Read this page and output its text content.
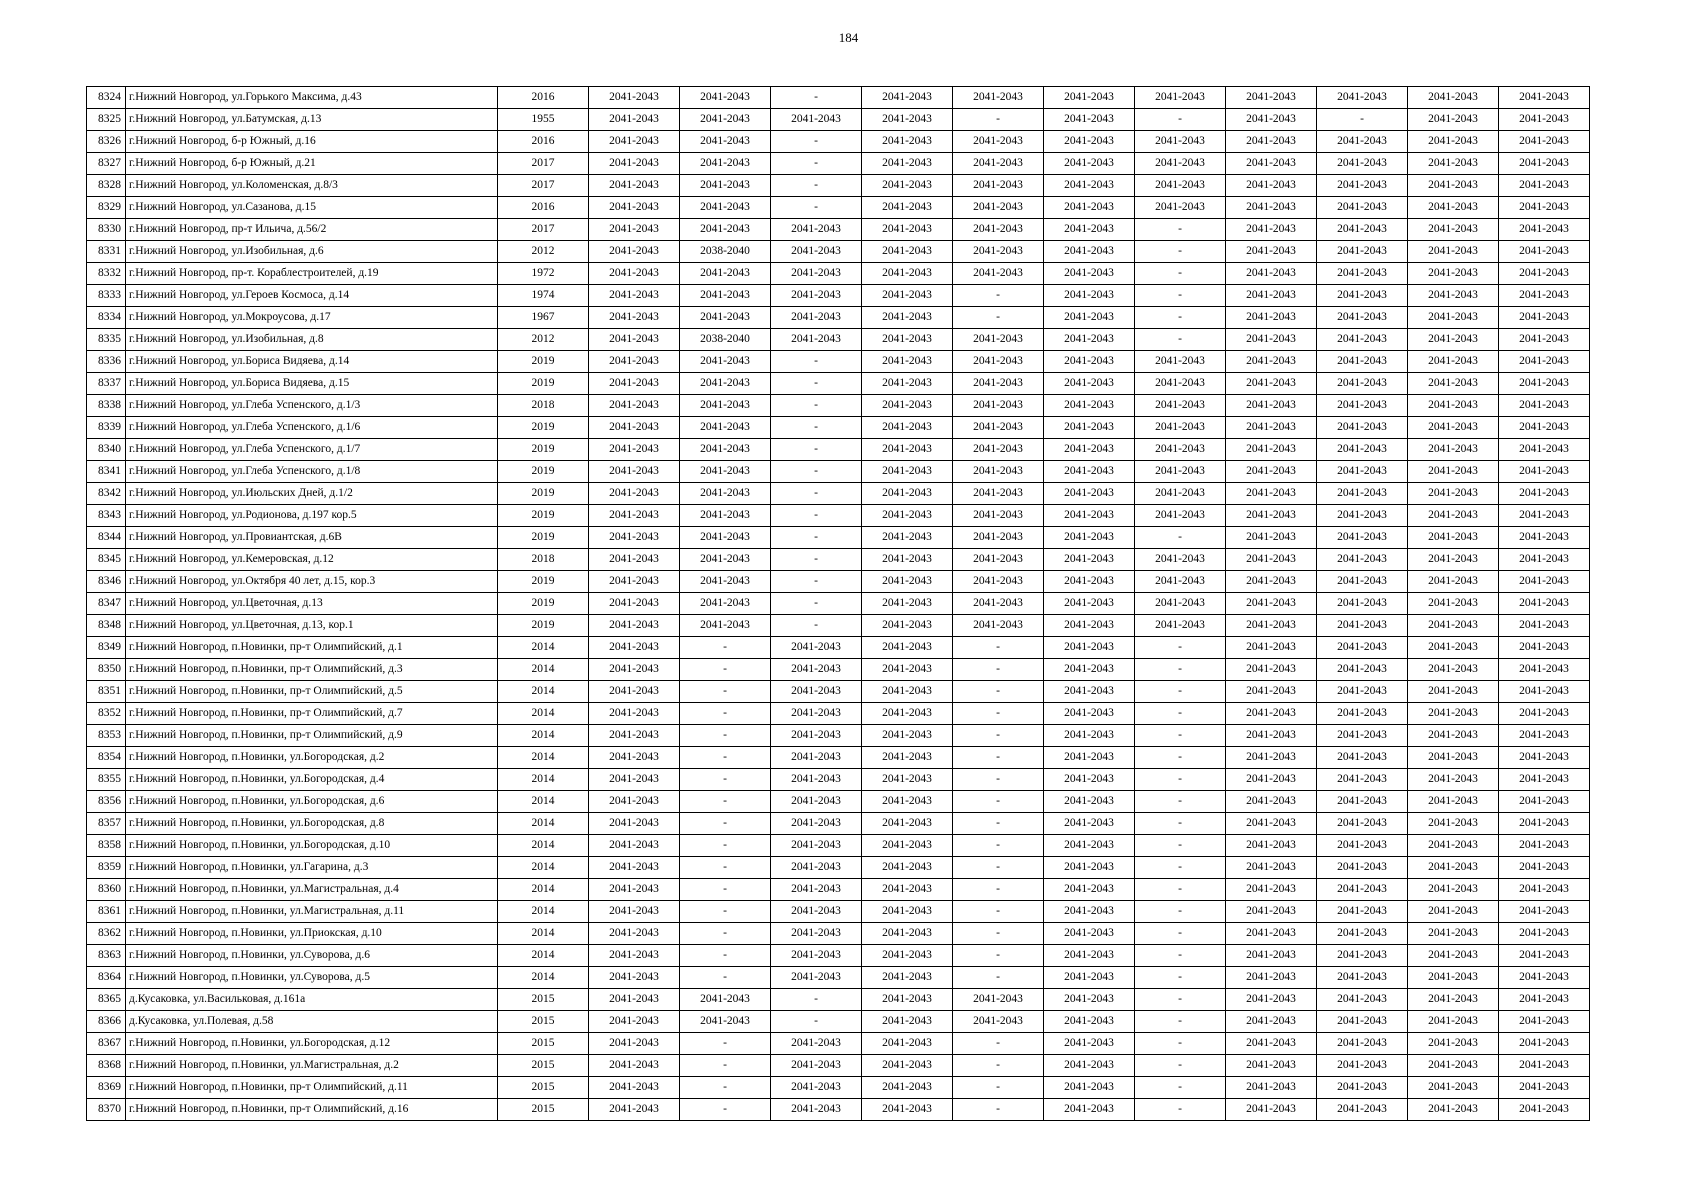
184
8324	г.Нижний Новгород, ул.Горького Максима, д.43	2016	2041-2043	2041-2043	-	2041-2043	2041-2043	2041-2043	2041-2043	2041-2043	2041-2043	2041-2043	2041-2043
8325	г.Нижний Новгород, ул.Батумская, д.13	1955	2041-2043	2041-2043	2041-2043	2041-2043	-	2041-2043	-	2041-2043	-	2041-2043	2041-2043
8326	г.Нижний Новгород, б-р Южный, д.16	2016	2041-2043	2041-2043	-	2041-2043	2041-2043	2041-2043	2041-2043	2041-2043	2041-2043	2041-2043	2041-2043
8327	г.Нижний Новгород, б-р Южный, д.21	2017	2041-2043	2041-2043	-	2041-2043	2041-2043	2041-2043	2041-2043	2041-2043	2041-2043	2041-2043	2041-2043
8328	г.Нижний Новгород, ул.Коломенская, д.8/3	2017	2041-2043	2041-2043	-	2041-2043	2041-2043	2041-2043	2041-2043	2041-2043	2041-2043	2041-2043	2041-2043
8329	г.Нижний Новгород, ул.Сазанова, д.15	2016	2041-2043	2041-2043	-	2041-2043	2041-2043	2041-2043	2041-2043	2041-2043	2041-2043	2041-2043	2041-2043
8330	г.Нижний Новгород, пр-т Ильича, д.56/2	2017	2041-2043	2041-2043	2041-2043	2041-2043	2041-2043	2041-2043	-	2041-2043	2041-2043	2041-2043	2041-2043
8331	г.Нижний Новгород, ул.Изобильная, д.6	2012	2041-2043	2038-2040	2041-2043	2041-2043	2041-2043	2041-2043	-	2041-2043	2041-2043	2041-2043	2041-2043
8332	г.Нижний Новгород, пр-т. Кораблестроителей, д.19	1972	2041-2043	2041-2043	2041-2043	2041-2043	2041-2043	2041-2043	-	2041-2043	2041-2043	2041-2043	2041-2043
8333	г.Нижний Новгород, ул.Героев Космоса, д.14	1974	2041-2043	2041-2043	2041-2043	2041-2043	-	2041-2043	-	2041-2043	2041-2043	2041-2043	2041-2043
8334	г.Нижний Новгород, ул.Мокроусова, д.17	1967	2041-2043	2041-2043	2041-2043	2041-2043	-	2041-2043	-	2041-2043	2041-2043	2041-2043	2041-2043
8335	г.Нижний Новгород, ул.Изобильная, д.8	2012	2041-2043	2038-2040	2041-2043	2041-2043	2041-2043	2041-2043	-	2041-2043	2041-2043	2041-2043	2041-2043
8336	г.Нижний Новгород, ул.Бориса Видяева, д.14	2019	2041-2043	2041-2043	-	2041-2043	2041-2043	2041-2043	2041-2043	2041-2043	2041-2043	2041-2043	2041-2043
8337	г.Нижний Новгород, ул.Бориса Видяева, д.15	2019	2041-2043	2041-2043	-	2041-2043	2041-2043	2041-2043	2041-2043	2041-2043	2041-2043	2041-2043	2041-2043
8338	г.Нижний Новгород, ул.Глеба Успенского, д.1/3	2018	2041-2043	2041-2043	-	2041-2043	2041-2043	2041-2043	2041-2043	2041-2043	2041-2043	2041-2043	2041-2043
8339	г.Нижний Новгород, ул.Глеба Успенского, д.1/6	2019	2041-2043	2041-2043	-	2041-2043	2041-2043	2041-2043	2041-2043	2041-2043	2041-2043	2041-2043	2041-2043
8340	г.Нижний Новгород, ул.Глеба Успенского, д.1/7	2019	2041-2043	2041-2043	-	2041-2043	2041-2043	2041-2043	2041-2043	2041-2043	2041-2043	2041-2043	2041-2043
8341	г.Нижний Новгород, ул.Глеба Успенского, д.1/8	2019	2041-2043	2041-2043	-	2041-2043	2041-2043	2041-2043	2041-2043	2041-2043	2041-2043	2041-2043	2041-2043
8342	г.Нижний Новгород, ул.Июльских Дней, д.1/2	2019	2041-2043	2041-2043	-	2041-2043	2041-2043	2041-2043	2041-2043	2041-2043	2041-2043	2041-2043	2041-2043
8343	г.Нижний Новгород, ул.Родионова, д.197 кор.5	2019	2041-2043	2041-2043	-	2041-2043	2041-2043	2041-2043	2041-2043	2041-2043	2041-2043	2041-2043	2041-2043
8344	г.Нижний Новгород, ул.Провиантская, д.6В	2019	2041-2043	2041-2043	-	2041-2043	2041-2043	2041-2043	-	2041-2043	2041-2043	2041-2043	2041-2043
8345	г.Нижний Новгород, ул.Кемеровская, д.12	2018	2041-2043	2041-2043	-	2041-2043	2041-2043	2041-2043	2041-2043	2041-2043	2041-2043	2041-2043	2041-2043
8346	г.Нижний Новгород, ул.Октября 40 лет, д.15, кор.3	2019	2041-2043	2041-2043	-	2041-2043	2041-2043	2041-2043	2041-2043	2041-2043	2041-2043	2041-2043	2041-2043
8347	г.Нижний Новгород, ул.Цветочная, д.13	2019	2041-2043	2041-2043	-	2041-2043	2041-2043	2041-2043	2041-2043	2041-2043	2041-2043	2041-2043	2041-2043
8348	г.Нижний Новгород, ул.Цветочная, д.13, кор.1	2019	2041-2043	2041-2043	-	2041-2043	2041-2043	2041-2043	2041-2043	2041-2043	2041-2043	2041-2043	2041-2043
8349	г.Нижний Новгород, п.Новинки, пр-т Олимпийский, д.1	2014	2041-2043	-	2041-2043	2041-2043	-	2041-2043	-	2041-2043	2041-2043	2041-2043	2041-2043
8350	г.Нижний Новгород, п.Новинки, пр-т Олимпийский, д.3	2014	2041-2043	-	2041-2043	2041-2043	-	2041-2043	-	2041-2043	2041-2043	2041-2043	2041-2043
8351	г.Нижний Новгород, п.Новинки, пр-т Олимпийский, д.5	2014	2041-2043	-	2041-2043	2041-2043	-	2041-2043	-	2041-2043	2041-2043	2041-2043	2041-2043
8352	г.Нижний Новгород, п.Новинки, пр-т Олимпийский, д.7	2014	2041-2043	-	2041-2043	2041-2043	-	2041-2043	-	2041-2043	2041-2043	2041-2043	2041-2043
8353	г.Нижний Новгород, п.Новинки, пр-т Олимпийский, д.9	2014	2041-2043	-	2041-2043	2041-2043	-	2041-2043	-	2041-2043	2041-2043	2041-2043	2041-2043
8354	г.Нижний Новгород, п.Новинки, ул.Богородская, д.2	2014	2041-2043	-	2041-2043	2041-2043	-	2041-2043	-	2041-2043	2041-2043	2041-2043	2041-2043
8355	г.Нижний Новгород, п.Новинки, ул.Богородская, д.4	2014	2041-2043	-	2041-2043	2041-2043	-	2041-2043	-	2041-2043	2041-2043	2041-2043	2041-2043
8356	г.Нижний Новгород, п.Новинки, ул.Богородская, д.6	2014	2041-2043	-	2041-2043	2041-2043	-	2041-2043	-	2041-2043	2041-2043	2041-2043	2041-2043
8357	г.Нижний Новгород, п.Новинки, ул.Богородская, д.8	2014	2041-2043	-	2041-2043	2041-2043	-	2041-2043	-	2041-2043	2041-2043	2041-2043	2041-2043
8358	г.Нижний Новгород, п.Новинки, ул.Богородская, д.10	2014	2041-2043	-	2041-2043	2041-2043	-	2041-2043	-	2041-2043	2041-2043	2041-2043	2041-2043
8359	г.Нижний Новгород, п.Новинки, ул.Гагарина, д.3	2014	2041-2043	-	2041-2043	2041-2043	-	2041-2043	-	2041-2043	2041-2043	2041-2043	2041-2043
8360	г.Нижний Новгород, п.Новинки, ул.Магистральная, д.4	2014	2041-2043	-	2041-2043	2041-2043	-	2041-2043	-	2041-2043	2041-2043	2041-2043	2041-2043
8361	г.Нижний Новгород, п.Новинки, ул.Магистральная, д.11	2014	2041-2043	-	2041-2043	2041-2043	-	2041-2043	-	2041-2043	2041-2043	2041-2043	2041-2043
8362	г.Нижний Новгород, п.Новинки, ул.Приокская, д.10	2014	2041-2043	-	2041-2043	2041-2043	-	2041-2043	-	2041-2043	2041-2043	2041-2043	2041-2043
8363	г.Нижний Новгород, п.Новинки, ул.Суворова, д.6	2014	2041-2043	-	2041-2043	2041-2043	-	2041-2043	-	2041-2043	2041-2043	2041-2043	2041-2043
8364	г.Нижний Новгород, п.Новинки, ул.Суворова, д.5	2014	2041-2043	-	2041-2043	2041-2043	-	2041-2043	-	2041-2043	2041-2043	2041-2043	2041-2043
8365	д.Кусаковка, ул.Васильковая, д.161а	2015	2041-2043	2041-2043	-	2041-2043	2041-2043	2041-2043	-	2041-2043	2041-2043	2041-2043	2041-2043
8366	д.Кусаковка, ул.Полевая, д.58	2015	2041-2043	2041-2043	-	2041-2043	2041-2043	2041-2043	-	2041-2043	2041-2043	2041-2043	2041-2043
8367	г.Нижний Новгород, п.Новинки, ул.Богородская, д.12	2015	2041-2043	-	2041-2043	2041-2043	-	2041-2043	-	2041-2043	2041-2043	2041-2043	2041-2043
8368	г.Нижний Новгород, п.Новинки, ул.Магистральная, д.2	2015	2041-2043	-	2041-2043	2041-2043	-	2041-2043	-	2041-2043	2041-2043	2041-2043	2041-2043
8369	г.Нижний Новгород, п.Новинки, пр-т Олимпийский, д.11	2015	2041-2043	-	2041-2043	2041-2043	-	2041-2043	-	2041-2043	2041-2043	2041-2043	2041-2043
8370	г.Нижний Новгород, п.Новинки, пр-т Олимпийский, д.16	2015	2041-2043	-	2041-2043	2041-2043	-	2041-2043	-	2041-2043	2041-2043	2041-2043	2041-2043
